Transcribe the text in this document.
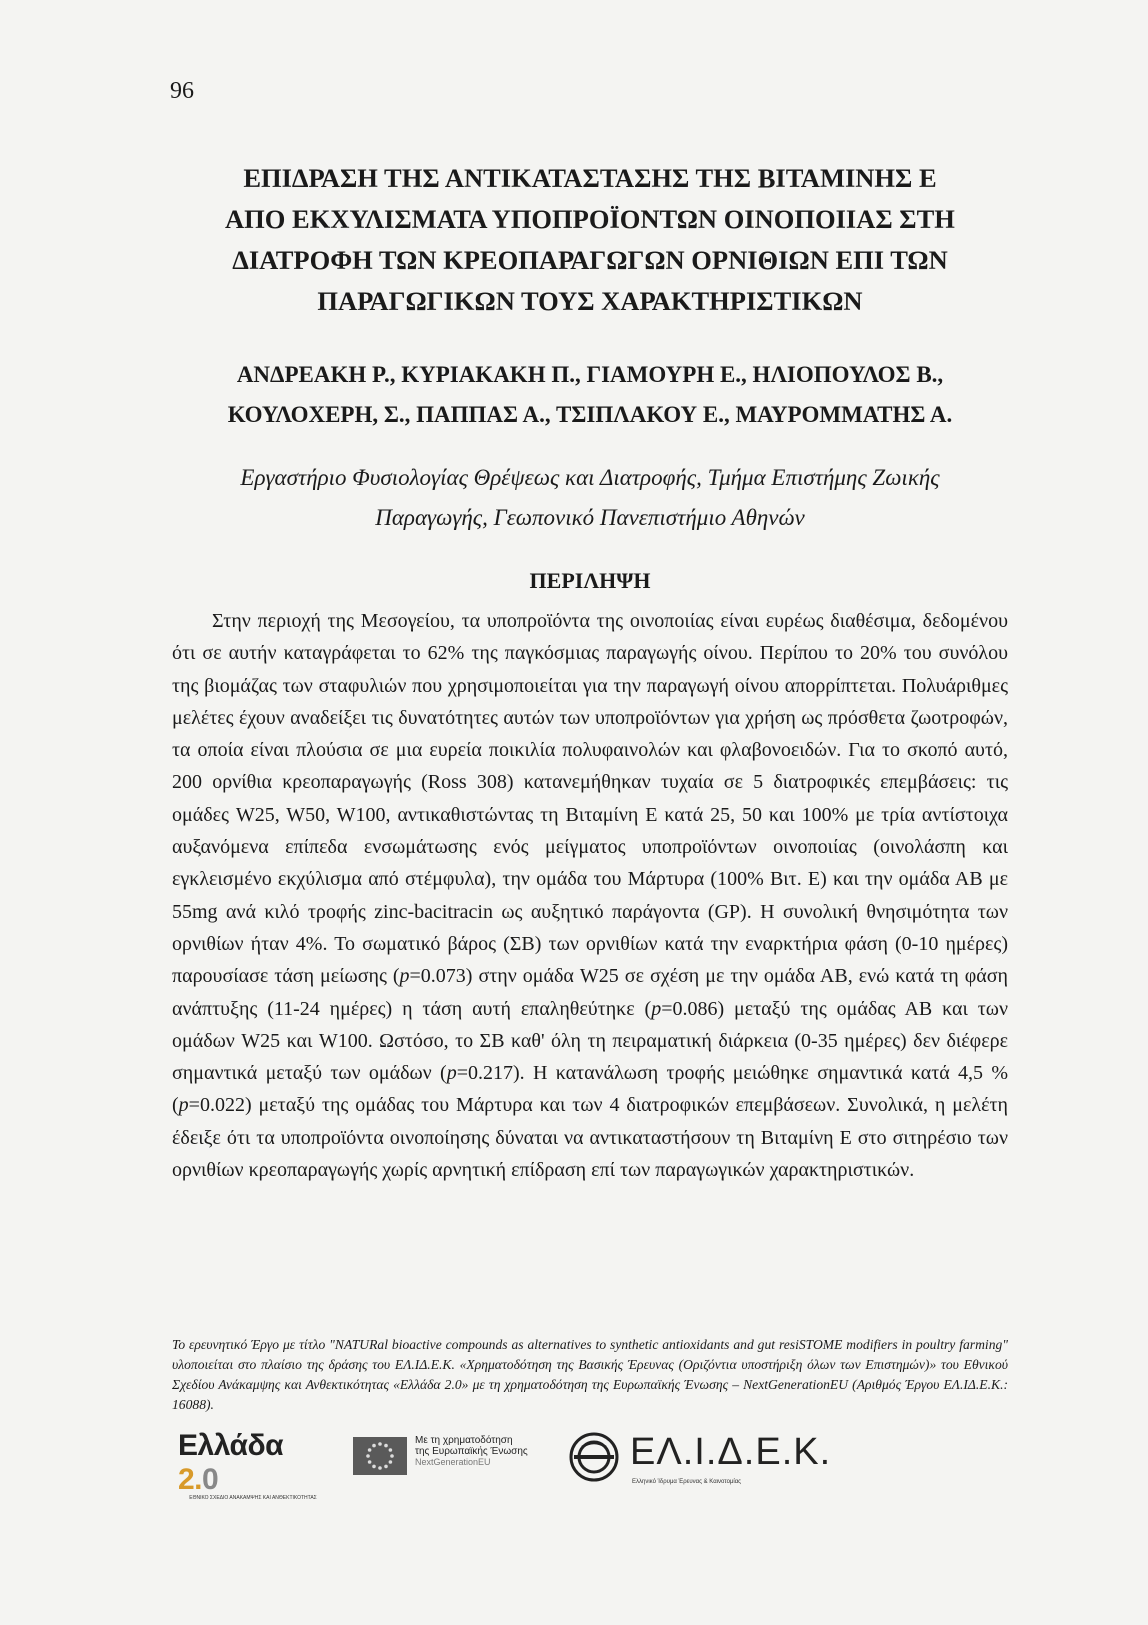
96
ΕΠΙΔΡΑΣΗ ΤΗΣ ΑΝΤΙΚΑΤΑΣΤΑΣΗΣ ΤΗΣ ΒΙΤΑΜΙΝΗΣ Ε
ΑΠΟ ΕΚΧΥΛΙΣΜΑΤΑ ΥΠΟΠΡΟΪΟΝΤΩΝ ΟΙΝΟΠΟΙΙΑΣ ΣΤΗ
ΔΙΑΤΡΟΦΗ ΤΩΝ ΚΡΕΟΠΑΡΑΓΩΓΩΝ ΟΡΝΙΘΙΩΝ ΕΠΙ ΤΩΝ
ΠΑΡΑΓΩΓΙΚΩΝ ΤΟΥΣ ΧΑΡΑΚΤΗΡΙΣΤΙΚΩΝ
ΑΝΔΡΕΑΚΗ Ρ., ΚΥΡΙΑΚΑΚΗ Π., ΓΙΑΜΟΥΡΗ Ε., ΗΛΙΟΠΟΥΛΟΣ Β.,
ΚΟΥΛΟΧΕΡΗ, Σ., ΠΑΠΠΑΣ Α., ΤΣΙΠΛΑΚΟΥ Ε., ΜΑΥΡΟΜΜΑΤΗΣ Α.
Εργαστήριο Φυσιολογίας Θρέψεως και Διατροφής, Τμήμα Επιστήμης Ζωικής
Παραγωγής, Γεωπονικό Πανεπιστήμιο Αθηνών
ΠΕΡΙΛΗΨΗ

Στην περιοχή της Μεσογείου, τα υποπροϊόντα της οινοποιίας είναι ευρέως διαθέσιμα, δεδομένου ότι σε αυτήν καταγράφεται το 62% της παγκόσμιας παραγωγής οίνου. Περίπου το 20% του συνόλου της βιομάζας των σταφυλιών που χρησιμοποιείται για την παραγωγή οίνου απορρίπτεται. Πολυάριθμες μελέτες έχουν αναδείξει τις δυνατότητες αυτών των υποπροϊόντων για χρήση ως πρόσθετα ζωοτροφών, τα οποία είναι πλούσια σε μια ευρεία ποικιλία πολυφαινολών και φλαβονοειδών. Για το σκοπό αυτό, 200 ορνίθια κρεοπαραγωγής (Ross 308) κατανεμήθηκαν τυχαία σε 5 διατροφικές επεμβάσεις: τις ομάδες W25, W50, W100, αντικαθιστώντας τη Βιταμίνη Ε κατά 25, 50 και 100% με τρία αντίστοιχα αυξανόμενα επίπεδα ενσωμάτωσης ενός μείγματος υποπροϊόντων οινοποιίας (οινολάσπη και εγκλεισμένο εκχύλισμα από στέμφυλα), την ομάδα του Μάρτυρα (100% Βιτ. Ε) και την ομάδα ΑΒ με 55mg ανά κιλό τροφής zinc-bacitracin ως αυξητικό παράγοντα (GP). Η συνολική θνησιμότητα των ορνιθίων ήταν 4%. Το σωματικό βάρος (ΣΒ) των ορνιθίων κατά την εναρκτήρια φάση (0-10 ημέρες) παρουσίασε τάση μείωσης (p=0.073) στην ομάδα W25 σε σχέση με την ομάδα ΑΒ, ενώ κατά τη φάση ανάπτυξης (11-24 ημέρες) η τάση αυτή επαληθεύτηκε (p=0.086) μεταξύ της ομάδας ΑΒ και των ομάδων W25 και W100. Ωστόσο, το ΣΒ καθ' όλη τη πειραματική διάρκεια (0-35 ημέρες) δεν διέφερε σημαντικά μεταξύ των ομάδων (p=0.217). Η κατανάλωση τροφής μειώθηκε σημαντικά κατά 4,5 % (p=0.022) μεταξύ της ομάδας του Μάρτυρα και των 4 διατροφικών επεμβάσεων. Συνολικά, η μελέτη έδειξε ότι τα υποπροϊόντα οινοποίησης δύναται να αντικαταστήσουν τη Βιταμίνη Ε στο σιτηρέσιο των ορνιθίων κρεοπαραγωγής χωρίς αρνητική επίδραση επί των παραγωγικών χαρακτηριστικών.

Το ερευνητικό Έργο με τίτλο "NATURal bioactive compounds as alternatives to synthetic antioxidants and gut resiSTOME modifiers in poultry farming" υλοποιείται στο πλαίσιο της δράσης του ΕΛ.ΙΔ.Ε.Κ. «Χρηματοδότηση της Βασικής Έρευνας (Οριζόντια υποστήριξη όλων των Επιστημών)» του Εθνικού Σχεδίου Ανάκαμψης και Ανθεκτικότητας «Ελλάδα 2.0» με τη χρηματοδότηση της Ευρωπαϊκής Ένωσης – NextGenerationEU (Αριθμός Έργου ΕΛ.ΙΔ.Ε.Κ.: 16088).
Ελλάδα 2.0
ΕΘΝΙΚΟ ΣΧΕΔΙΟ ΑΝΑΚΑΜΨΗΣ ΚΑΙ ΑΝΘΕΚΤΙΚΟΤΗΤΑΣ
Με τη χρηματοδότηση
της Ευρωπαϊκής Ένωσης
NextGenerationEU	ΕΛ.Ι.Δ.Ε.Κ.
Ελληνικό Ίδρυμα Έρευνας & Καινοτομίας
